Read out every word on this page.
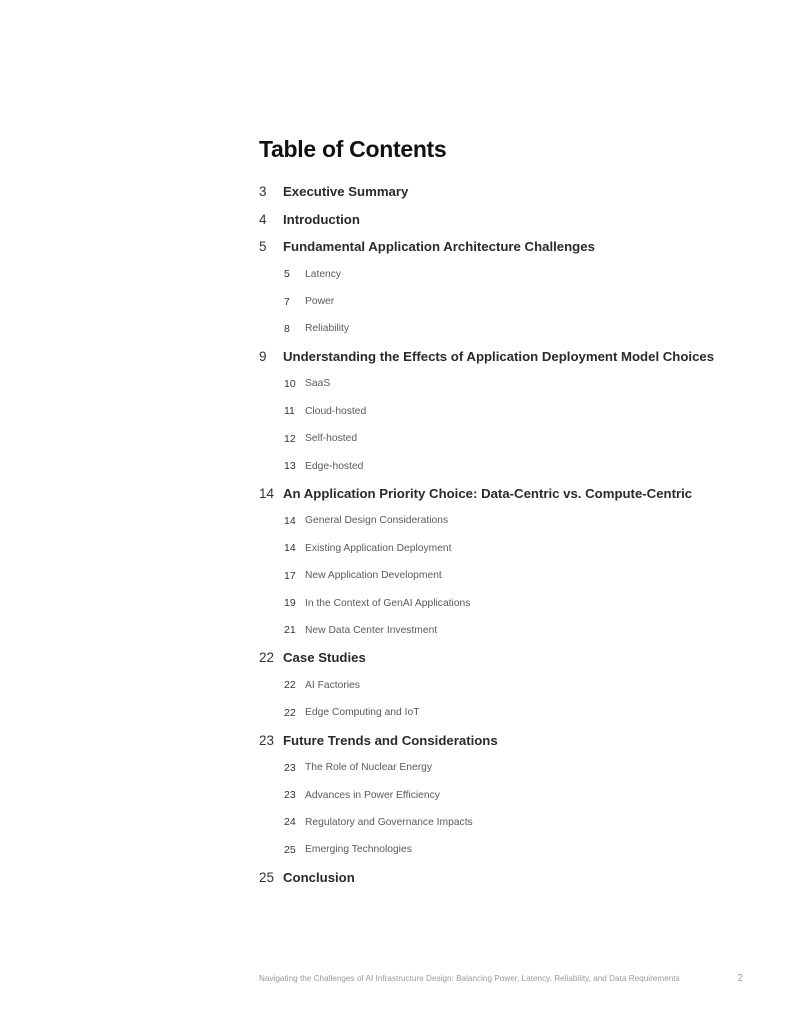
Table of Contents
3	Executive Summary
4	Introduction
5	Fundamental Application Architecture Challenges
5	Latency
7	Power
8	Reliability
9	Understanding the Effects of Application Deployment Model Choices
10 SaaS
11 Cloud-hosted
12 Self-hosted
13 Edge-hosted
14 An Application Priority Choice: Data-Centric vs. Compute-Centric
14 General Design Considerations
14 Existing Application Deployment
17 New Application Development
19 In the Context of GenAI Applications
21 New Data Center Investment
22 Case Studies
22 AI Factories
22 Edge Computing and IoT
23 Future Trends and Considerations
23 The Role of Nuclear Energy
23 Advances in Power Efficiency
24 Regulatory and Governance Impacts
25 Emerging Technologies
25 Conclusion
Navigating the Challenges of AI Infrastructure Design: Balancing Power, Latency, Reliability, and Data Requirements	2
